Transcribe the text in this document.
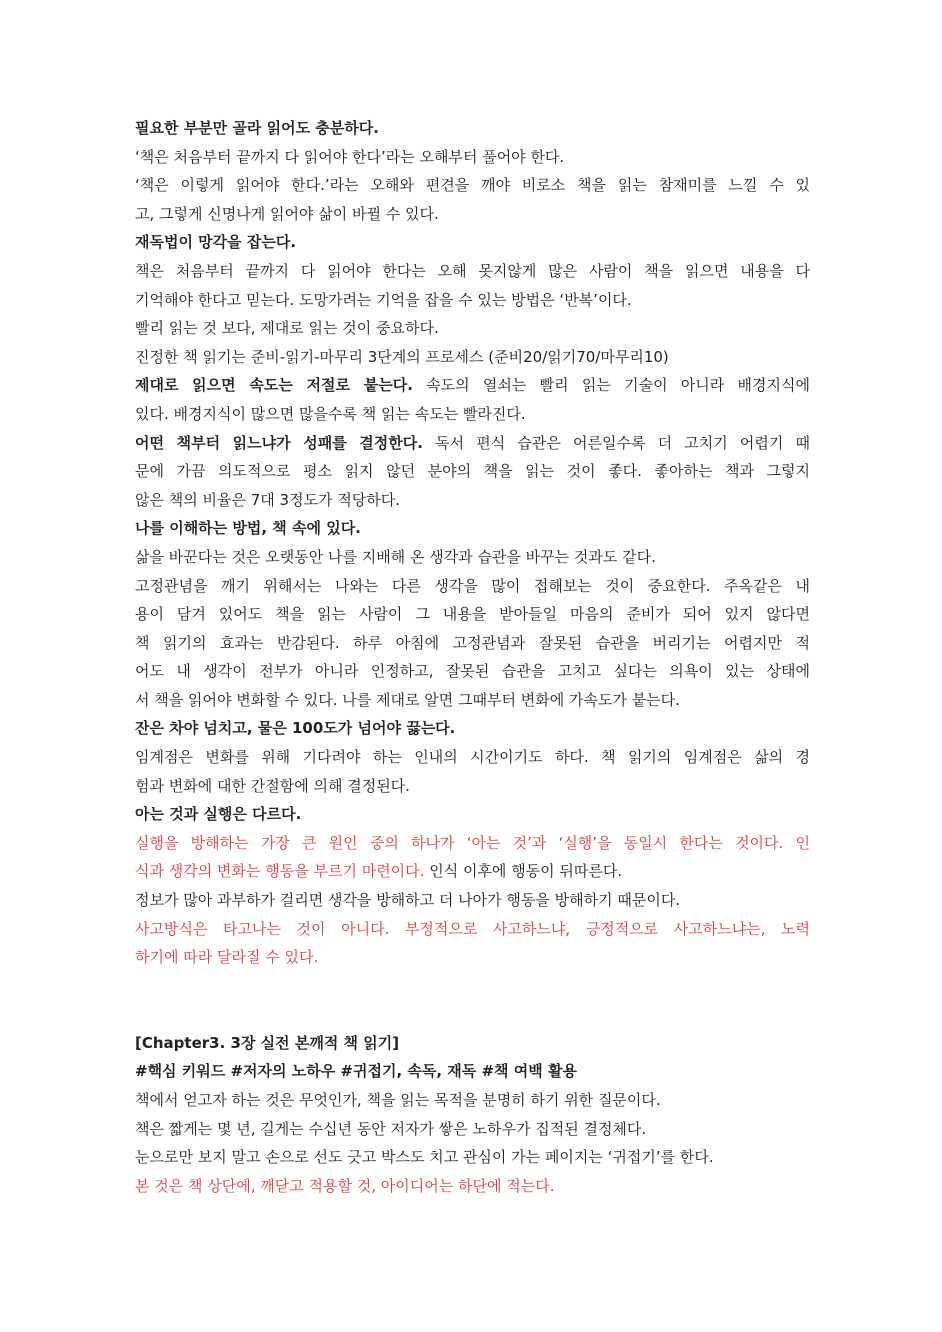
필요한 부분만 골라 읽어도 충분하다.
‘책은 처음부터 끝까지 다 읽어야 한다’라는 오해부터 풀어야 한다.
‘책은 이렇게 읽어야 한다.’라는 오해와 편견을 깨야 비로소 책을 읽는 참재미를 느낄 수 있
고, 그렇게 신명나게 읽어야 삶이 바뀔 수 있다.
재독법이 망각을 잡는다.
책은 처음부터 끝까지 다 읽어야 한다는 오해 못지않게 많은 사람이 책을 읽으면 내용을 다
기억해야 한다고 믿는다. 도망가려는 기억을 잡을 수 있는 방법은 ‘반복’이다.
빨리 읽는 것 보다, 제대로 읽는 것이 중요하다.
진정한 책 읽기는 준비-읽기-마무리 3단계의 프로세스 (준비20/읽기70/마무리10)
제대로 읽으면 속도는 저절로 붙는다. 속도의 열쇠는 빨리 읽는 기술이 아니라 배경지식에
있다. 배경지식이 많으면 많을수록 책 읽는 속도는 빨라진다.
어떤 책부터 읽느냐가 성패를 결정한다. 독서 편식 습관은 어른일수록 더 고치기 어렵기 때
문에 가끔 의도적으로 평소 읽지 않던 분야의 책을 읽는 것이 좋다. 좋아하는 책과 그렇지
않은 책의 비율은 7대 3정도가 적당하다.
나를 이해하는 방법, 책 속에 있다.
삶을 바꾼다는 것은 오랫동안 나를 지배해 온 생각과 습관을 바꾸는 것과도 같다.
고정관념을 깨기 위해서는 나와는 다른 생각을 많이 접해보는 것이 중요한다. 주옥같은 내
용이 담겨 있어도 책을 읽는 사람이 그 내용을 받아들일 마음의 준비가 되어 있지 않다면
책 읽기의 효과는 반감된다. 하루 아침에 고정관념과 잘못된 습관을 버리기는 어렵지만 적
어도 내 생각이 전부가 아니라 인정하고, 잘못된 습관을 고치고 싶다는 의욕이 있는 상태에
서 책을 읽어야 변화할 수 있다. 나를 제대로 알면 그때부터 변화에 가속도가 붙는다.
잔은 차야 넘치고, 물은 100도가 넘어야 끓는다.
임계점은 변화를 위해 기다려야 하는 인내의 시간이기도 하다. 책 읽기의 임계점은 삶의 경
험과 변화에 대한 간절함에 의해 결정된다.
아는 것과 실행은 다르다.
실행을 방해하는 가장 큰 원인 중의 하나가 ‘아는 것’과 ‘실행’을 동일시 한다는 것이다. 인
식과 생각의 변화는 행동을 부르기 마련이다. 인식 이후에 행동이 뒤따른다.
정보가 많아 과부하가 걸리면 생각을 방해하고 더 나아가 행동을 방해하기 때문이다.
사고방식은 타고나는 것이 아니다. 부정적으로 사고하느냐, 긍정적으로 사고하느냐는, 노력
하기에 따라 달라질 수 있다.
[Chapter3. 3장 실전 본깨적 책 읽기]
#핵심 키워드 #저자의 노하우 #귀접기, 속독, 재독 #책 여백 활용
책에서 얻고자 하는 것은 무엇인가, 책을 읽는 목적을 분명히 하기 위한 질문이다.
책은 짧게는 몇 년, 길게는 수십년 동안 저자가 쌓은 노하우가 집적된 결정체다.
눈으로만 보지 말고 손으로 선도 긋고 박스도 치고 관심이 가는 페이지는 ‘귀접기’를 한다.
본 것은 책 상단에, 깨닫고 적용할 것, 아이디어는 하단에 적는다.
